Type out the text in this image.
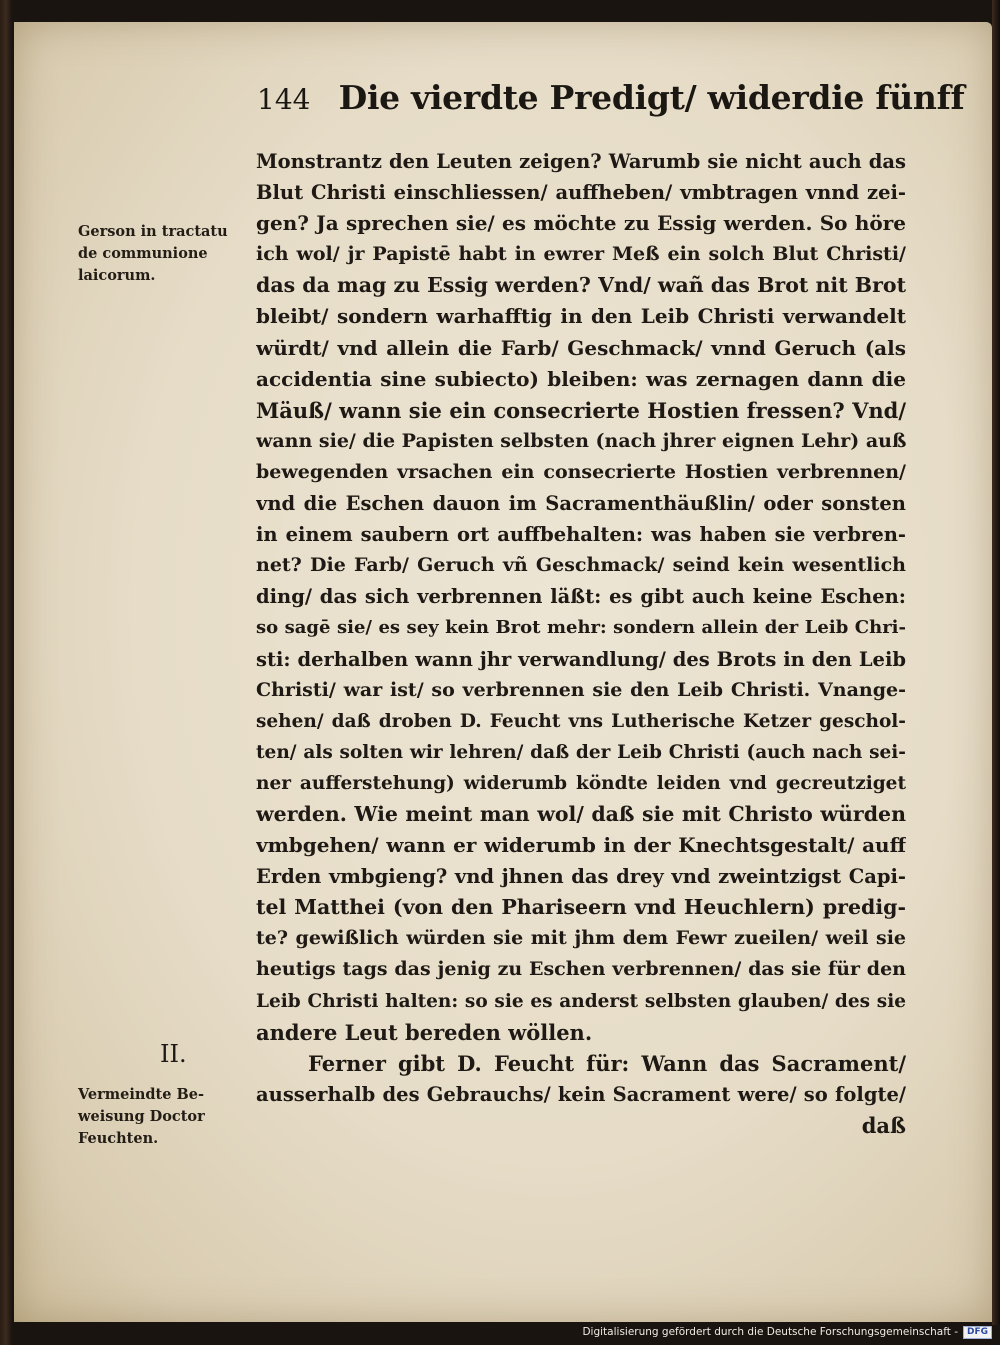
144 Die vierdte Predigt/ widerdie fünff
Gerson in tractatu
de communione
laicorum.
II.
Vermeindte Be-
weisung Doctor
Feuchten.
Monstrantz den Leuten zeigen? Warumb sie nicht auch das
Blut Christi einschliessen/ auffheben/ vmbtragen vnnd zei-
gen? Ja sprechen sie/ es möchte zu Essig werden. So höre
ich wol/ jr Papistē habt in ewrer Meß ein solch Blut Christi/
das da mag zu Essig werden? Vnd/ wañ das Brot nit Brot
bleibt/ sondern warhafftig in den Leib Christi verwandelt
würdt/ vnd allein die Farb/ Geschmack/ vnnd Geruch (als
accidentia sine subiecto) bleiben: was zernagen dann die
Mäuß/ wann sie ein consecrierte Hostien fressen? Vnd/
wann sie/ die Papisten selbsten (nach jhrer eignen Lehr) auß
bewegenden vrsachen ein consecrierte Hostien verbrennen/
vnd die Eschen dauon im Sacramenthäußlin/ oder sonsten
in einem saubern ort auffbehalten: was haben sie verbren-
net? Die Farb/ Geruch vñ Geschmack/ seind kein wesentlich
ding/ das sich verbrennen läßt: es gibt auch keine Eschen:
so sagē sie/ es sey kein Brot mehr: sondern allein der Leib Chri-
sti: derhalben wann jhr verwandlung/ des Brots in den Leib
Christi/ war ist/ so verbrennen sie den Leib Christi. Vnange-
sehen/ daß droben D. Feucht vns Lutherische Ketzer geschol-
ten/ als solten wir lehren/ daß der Leib Christi (auch nach sei-
ner aufferstehung) widerumb köndte leiden vnd gecreutziget
werden. Wie meint man wol/ daß sie mit Christo würden
vmbgehen/ wann er widerumb in der Knechtsgestalt/ auff
Erden vmbgieng? vnd jhnen das drey vnd zweintzigst Capi-
tel Matthei (von den Phariseern vnd Heuchlern) predig-
te? gewißlich würden sie mit jhm dem Fewr zueilen/ weil sie
heutigs tags das jenig zu Eschen verbrennen/ das sie für den
Leib Christi halten: so sie es anderst selbsten glauben/ des sie
andere Leut bereden wöllen.
Ferner gibt D. Feucht für: Wann das Sacrament/
ausserhalb des Gebrauchs/ kein Sacrament were/ so folgte/
daß
Digitalisierung gefördert durch die Deutsche Forschungsgemeinschaft -	DFG
